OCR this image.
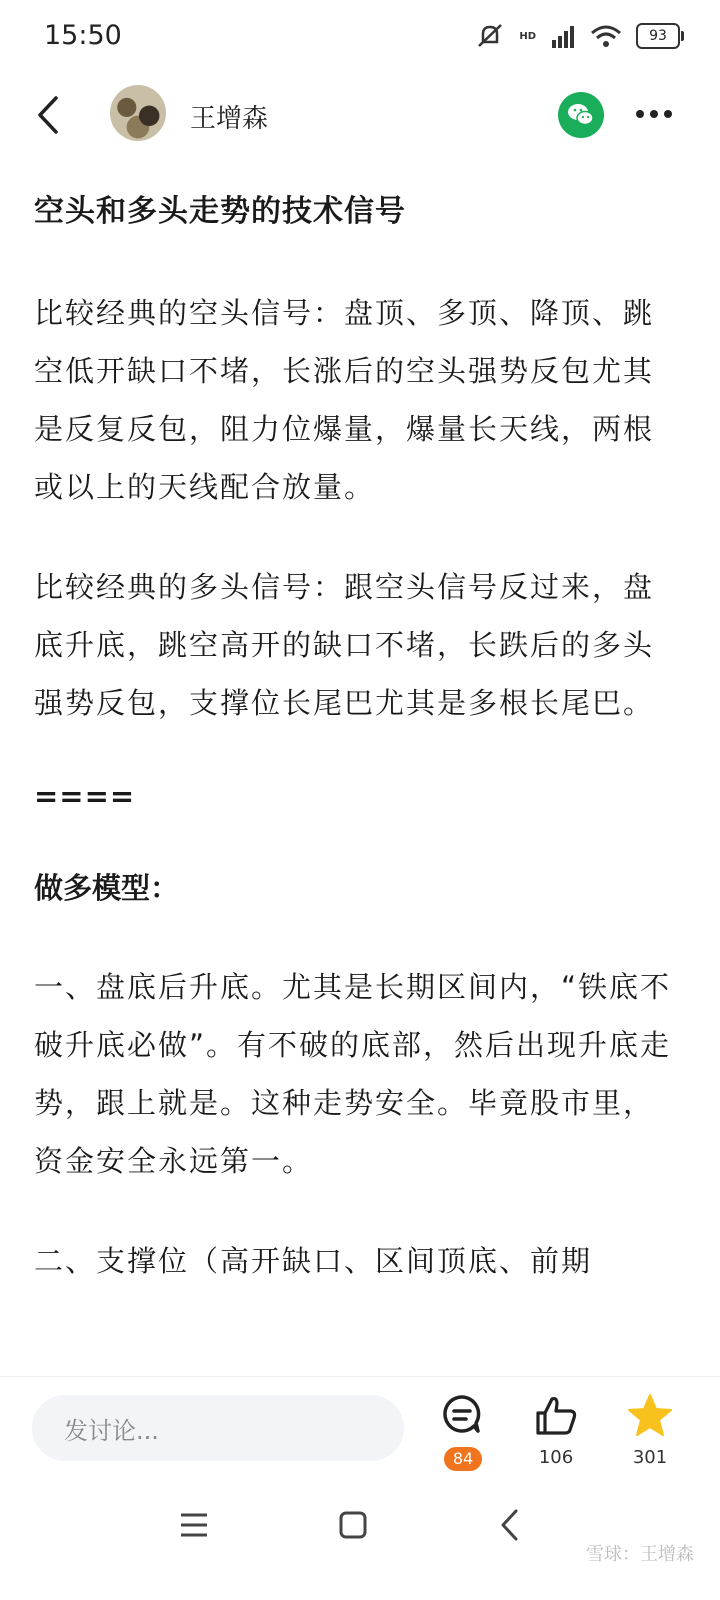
15:50	HD	93
王增森
空头和多头走势的技术信号

比较经典的空头信号：盘顶、多顶、降顶、跳空低开缺口不堵，长涨后的空头强势反包尤其是反复反包，阻力位爆量，爆量长天线，两根或以上的天线配合放量。

比较经典的多头信号：跟空头信号反过来，盘底升底，跳空高开的缺口不堵，长跌后的多头强势反包，支撑位长尾巴尤其是多根长尾巴。

====
做多模型：

一、盘底后升底。尤其是长期区间内，“铁底不破升底必做”。有不破的底部，然后出现升底走势，跟上就是。这种走势安全。毕竟股市里，资金安全永远第一。

二、支撑位（高开缺口、区间顶底、前期

发讨论...
84	106	301
雪球：王增森
